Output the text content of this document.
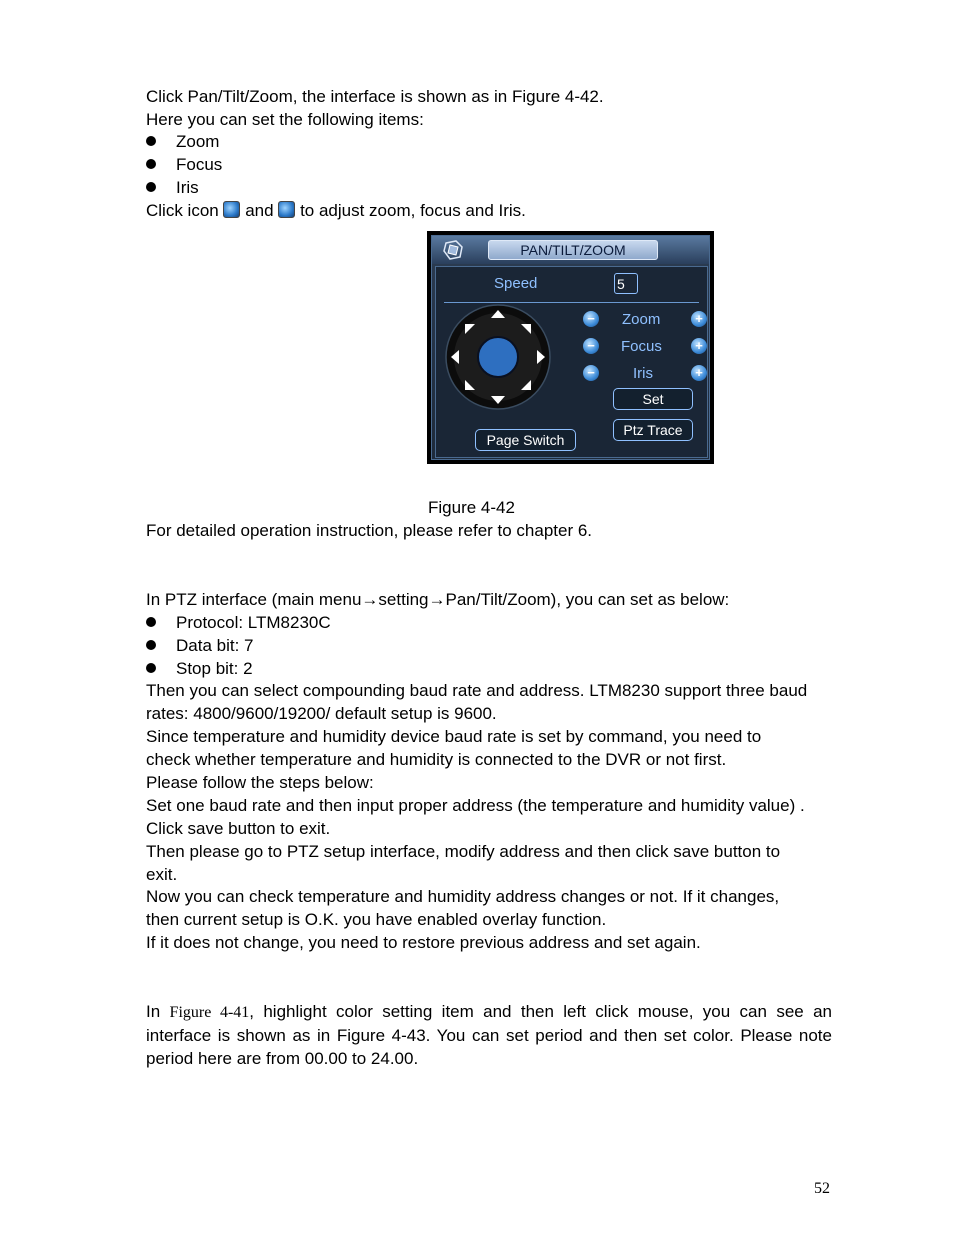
Click Pan/Tilt/Zoom, the interface is shown as in Figure 4-42.

Here you can set the following items:

Zoom
Focus
Iris

Click icon and to adjust zoom, focus and Iris.

PAN/TILT/ZOOM
Speed	5
− Zoom	+
− Focus	+
−	Iris	+
Set
Ptz Trace
Page Switch

Figure 4-42

For detailed operation instruction, please refer to chapter 6.

In PTZ interface (main menu→setting→Pan/Tilt/Zoom), you can set as below:

Protocol: LTM8230C
Data bit: 7
Stop bit: 2

Then you can select compounding baud rate and address. LTM8230 support three baud

rates: 4800/9600/19200/ default setup is 9600.

Since temperature and humidity device baud rate is set by command, you need to

check whether temperature and humidity is connected to the DVR or not first.

Please follow the steps below:

Set one baud rate and then input proper address (the temperature and humidity value) .

Click save button to exit.

Then please go to PTZ setup interface, modify address and then click save button to

exit.

Now you can check temperature and humidity address changes or not. If it changes,

then current setup is O.K. you have enabled overlay function.

If it does not change, you need to restore previous address and set again.

In Figure 4-41, highlight color setting item and then left click mouse, you can see an interface is shown as in Figure 4-43. You can set period and then set color. Please note period here are from 00.00 to 24.00.

52
